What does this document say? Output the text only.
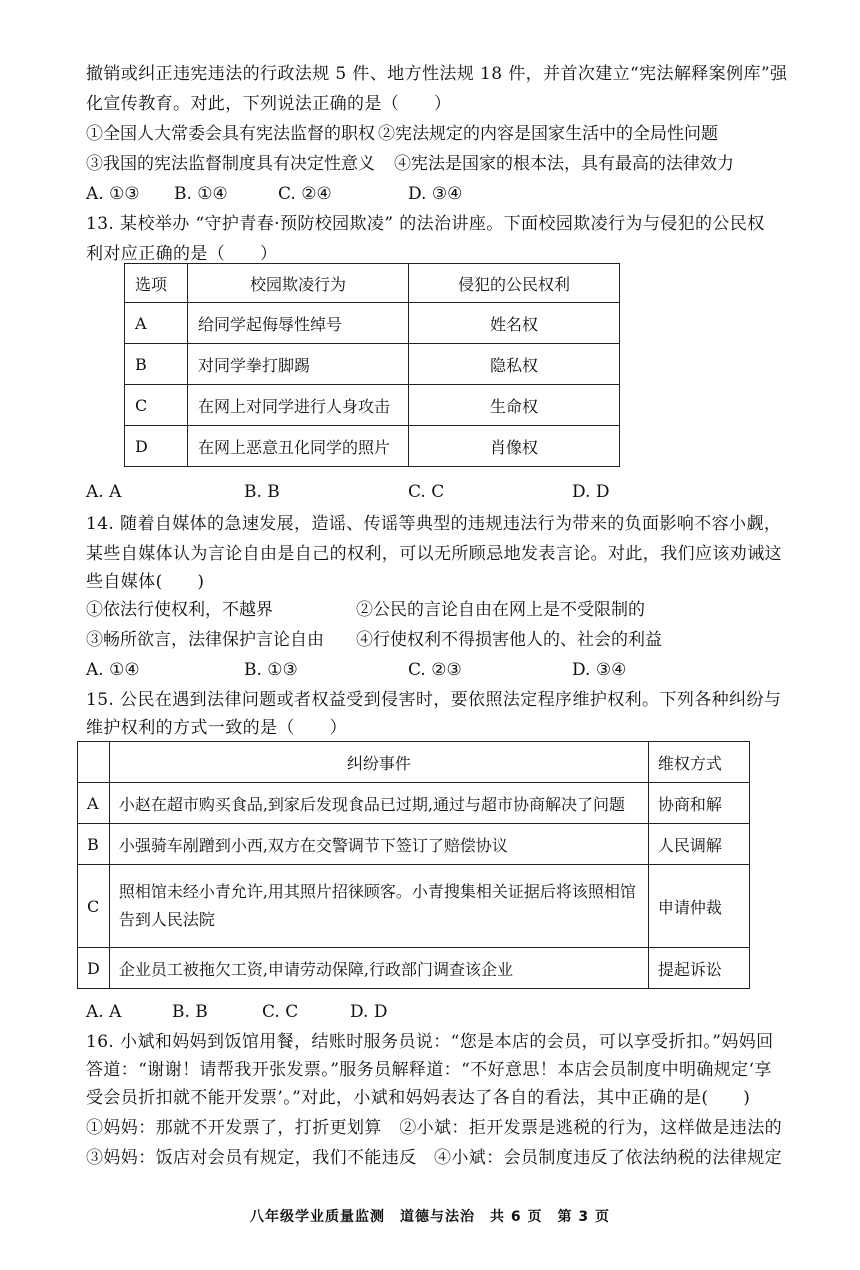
撤销或纠正违宪违法的行政法规 5 件、地方性法规 18 件，并首次建立“宪法解释案例库”强
化宣传教育。对此，下列说法正确的是（　　）
①全国人大常委会具有宪法监督的职权 ②宪法规定的内容是国家生活中的全局性问题
③我国的宪法监督制度具有决定性意义 ④宪法是国家的根本法，具有最高的法律效力
A. ①③ B. ①④	C. ②④	D. ③④
13. 某校举办 “守护青春·预防校园欺凌” 的法治讲座。下面校园欺凌行为与侵犯的公民权
利对应正确的是（　　）
选项	校园欺凌行为	侵犯的公民权利
A	给同学起侮辱性绰号	姓名权
B	对同学拳打脚踢	隐私权
C	在网上对同学进行人身攻击	生命权
D	在网上恶意丑化同学的照片	肖像权
A. A	B. B	C. C	D. D
14. 随着自媒体的急速发展，造谣、传谣等典型的违规违法行为带来的负面影响不容小觑，
某些自媒体认为言论自由是自己的权利，可以无所顾忌地发表言论。对此，我们应该劝诫这
些自媒体(　　)
①依法行使权利，不越界	②公民的言论自由在网上是不受限制的
③畅所欲言，法律保护言论自由 ④行使权利不得损害他人的、社会的利益
A. ①④	B. ①③	C. ②③	D. ③④
15. 公民在遇到法律问题或者权益受到侵害时，要依照法定程序维护权利。下列各种纠纷与
维护权利的方式一致的是（　　）
	纠纷事件	维权方式
A	小赵在超市购买食品,到家后发现食品已过期,通过与超市协商解决了问题	协商和解
B	小强骑车剐蹭到小西,双方在交警调节下签订了赔偿协议	人民调解
C	照相馆未经小青允许,用其照片招徕顾客。小青搜集相关证据后将该照相馆告到人民法院	申请仲裁
D	企业员工被拖欠工资,申请劳动保障,行政部门调查该企业	提起诉讼
A. A	B. B	C. C	D. D
16. 小斌和妈妈到饭馆用餐，结账时服务员说：“您是本店的会员，可以享受折扣。”妈妈回
答道：“谢谢！请帮我开张发票。”服务员解释道：“不好意思！本店会员制度中明确规定‘享
受会员折扣就不能开发票’。”对此，小斌和妈妈表达了各自的看法，其中正确的是(　　)
①妈妈：那就不开发票了，打折更划算　②小斌：拒开发票是逃税的行为，这样做是违法的
③妈妈：饭店对会员有规定，我们不能违反　④小斌：会员制度违反了依法纳税的法律规定
八年级学业质量监测　道德与法治　共 6 页　第 3 页
